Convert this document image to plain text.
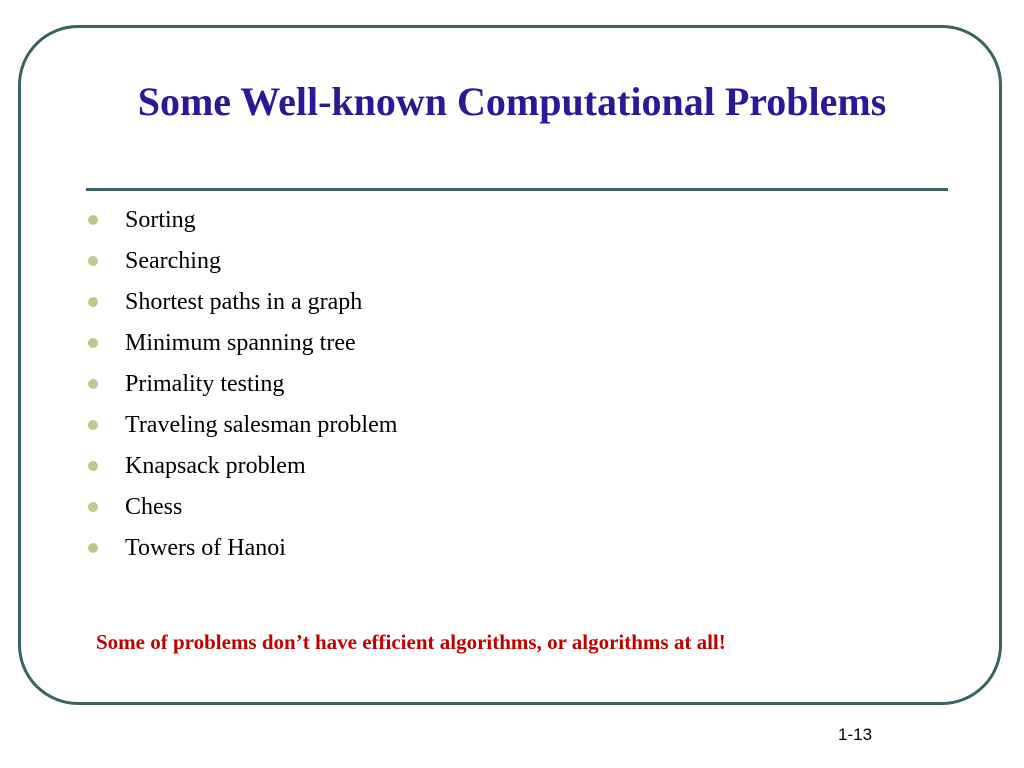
Some Well-known Computational Problems
Sorting
Searching
Shortest paths in a graph
Minimum spanning tree
Primality testing
Traveling salesman problem
Knapsack problem
Chess
Towers of Hanoi
Some of problems don’t have efficient algorithms, or algorithms at all!
1-13
